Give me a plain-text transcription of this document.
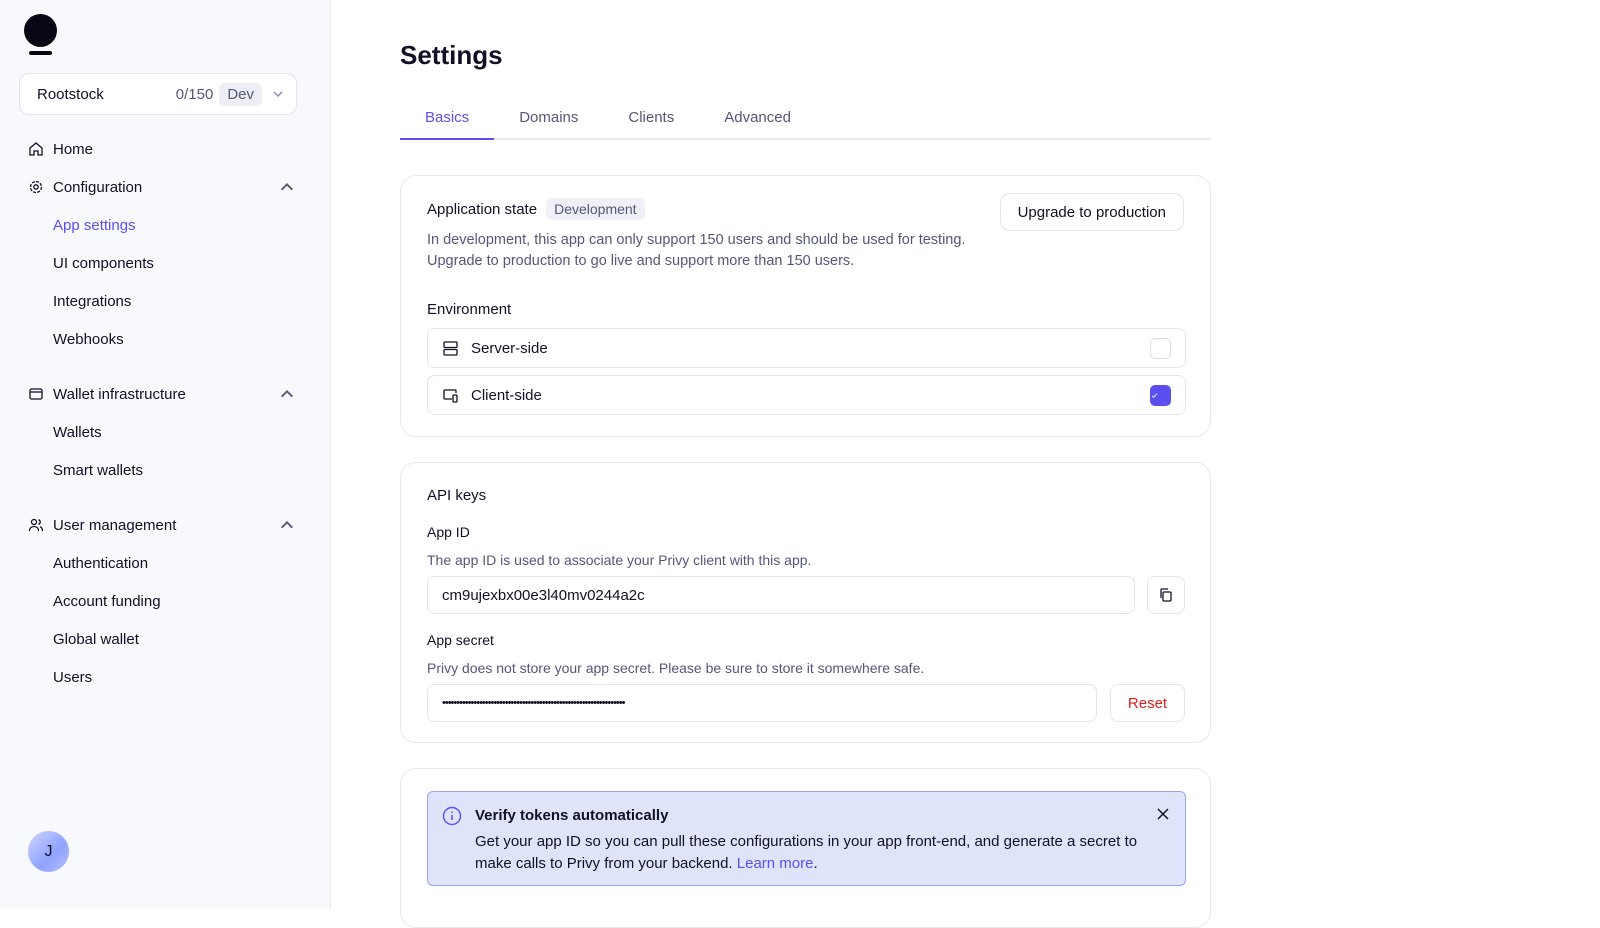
Rootstock	0/150 Dev
Home
Configuration
App settings
UI components
Integrations
Webhooks
Wallet infrastructure
Wallets
Smart wallets
User management
Authentication
Account funding
Global wallet
Users
J
Settings
Basics	Domains	Clients	Advanced
Application state	Development	Upgrade to production
In development, this app can only support 150 users and should be used for testing. Upgrade to production to go live and support more than 150 users.
Environment
Server-side
Client-side
API keys
App ID
The app ID is used to associate your Privy client with this app.
cm9ujexbx00e3l40mv0244a2c
App secret
Privy does not store your app secret. Please be sure to store it somewhere safe.
••••••••••••••••••••••••••••••••••••••••••••••••••••••••••••••••	Reset
Verify tokens automatically
Get your app ID so you can pull these configurations in your app front-end, and generate a secret to make calls to Privy from your backend. Learn more.
